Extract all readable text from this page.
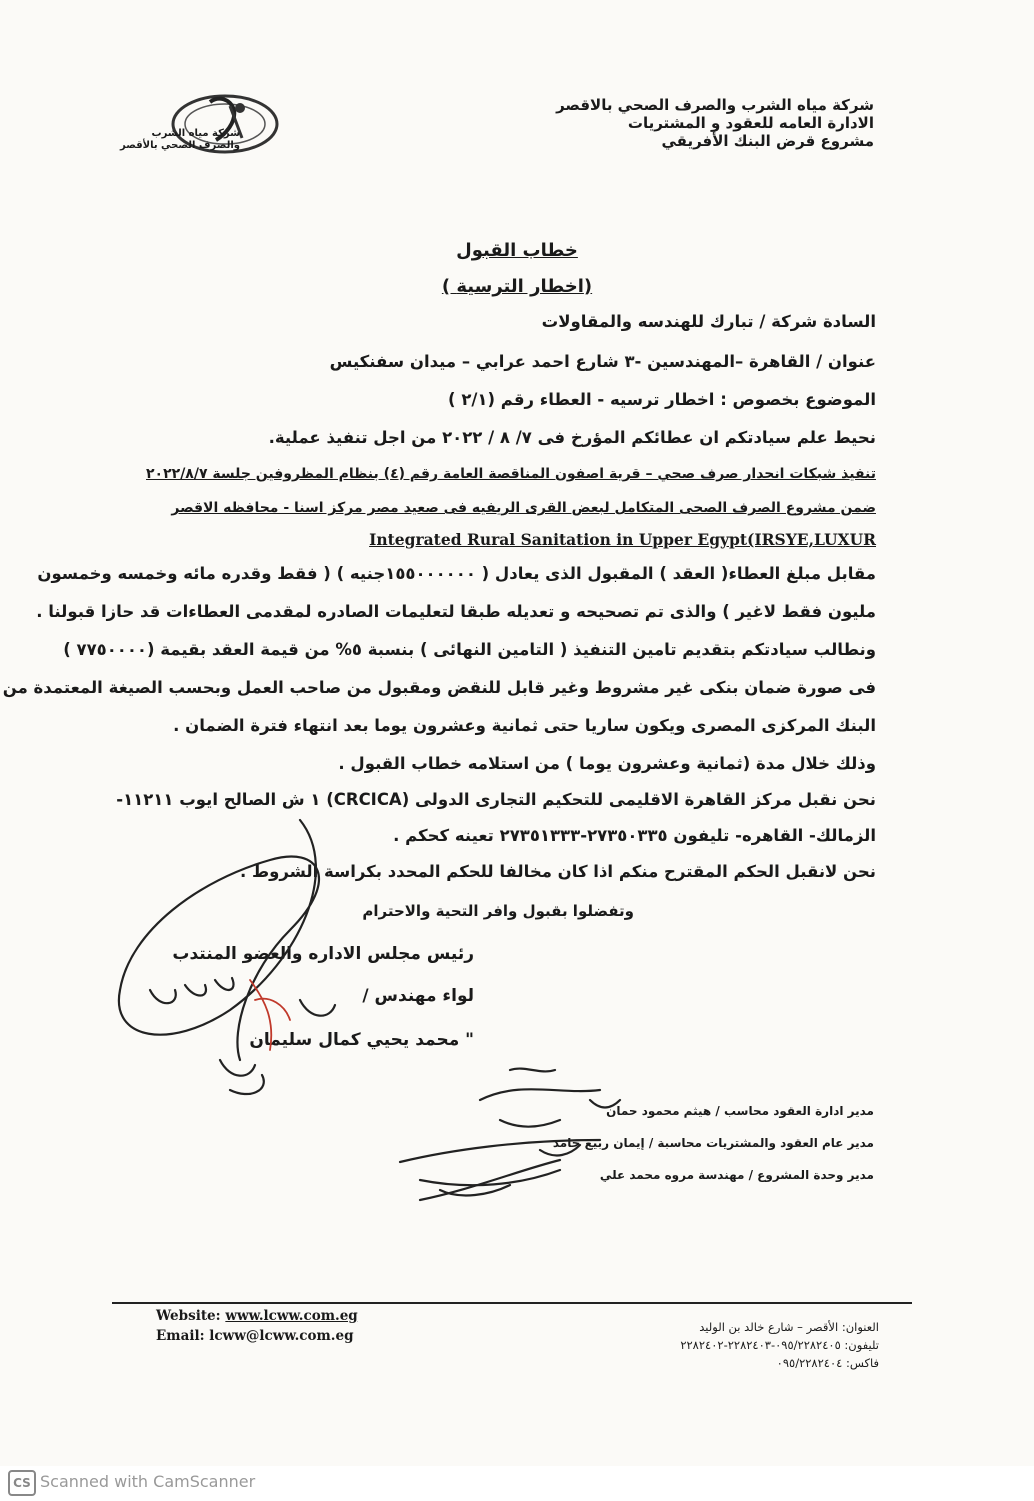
شركة مياه الشرب
والصرف الصحي بالأقصر
شركة مياه الشرب والصرف الصحي بالاقصر
الادارة العامه للعقود و المشتريات
مشروع قرض البنك الأفريقي
خطاب القبول
( اخطار الترسية)
السادة شركة / تبارك للهندسه والمقاولات
عنوان / القاهرة –المهندسين -٣ شارع احمد عرابي – ميدان سفنكيس
الموضوع بخصوص : اخطار ترسيه - العطاء رقم (٢/١ )
نحيط علم سيادتكم ان عطائكم المؤرخ فى ٧/ ٨ / ٢٠٢٢ من اجل تنفيذ عملية.
تنفيذ شبكات انحدار صرف صحي – قرية اصفون المناقصة العامة رقم (٤) بنظام المظروفين جلسة ٢٠٢٢/٨/٧
ضمن مشروع الصرف الصحى المتكامل لبعض القرى الريفيه فى صعيد مصر مركز اسنا - محافظه الاقصر
Integrated Rural Sanitation in Upper Egypt(IRSYE,LUXUR
مقابل مبلغ العطاء( العقد ) المقبول الذى يعادل ( ١٥٥٠٠٠٠٠٠جنيه ) ( فقط وقدره مائه وخمسه وخمسون
مليون فقط لاغير ) والذى تم تصحيحه و تعديله طبقا لتعليمات الصادره لمقدمى العطاءات قد حازا قبولنا .
ونطالب سيادتكم بتقديم تامين التنفيذ ( التامين النهائى ) بنسبة ٥% من قيمة العقد بقيمة (٧٧٥٠٠٠٠ )
فى صورة ضمان بنكى غير مشروط وغير قابل للنقض ومقبول من صاحب العمل وبحسب الصيغة المعتمدة من
البنك المركزى المصرى ويكون ساريا حتى ثمانية وعشرون يوما بعد انتهاء فترة الضمان .
وذلك خلال مدة (ثمانية وعشرون يوما ) من استلامه خطاب القبول .
نحن نقبل مركز القاهرة الاقليمى للتحكيم التجارى الدولى (CRCICA) ١ ش الصالح ايوب ١١٢١١-
الزمالك- القاهره- تليفون ٢٧٣٥٠٣٣٥-٢٧٣٥١٣٣٣ تعينه كحكم .
نحن لانقبل الحكم المقترح منكم اذا كان مخالفا للحكم المحدد بكراسة الشروط .
وتفضلوا بقبول وافر التحية والاحترام
رئيس مجلس الاداره والعضو المنتدب
لواء مهندس /
" محمد يحيي كمال سليمان
مدير ادارة العقود محاسب / هيثم محمود حمان
مدير عام العقود والمشتريات محاسبة / إيمان ربيع حامد
مدير وحدة المشروع / مهندسة مروه محمد علي
Website: www.lcww.com.eg
Email: lcww@lcww.com.eg
العنوان: الأقصر – شارع خالد بن الوليد
تليفون: ٠٩٥/٢٢٨٢٤٠٥-٢٢٨٢٤٠٣-٢٢٨٢٤٠٢
فاكس: ٠٩٥/٢٢٨٢٤٠٤
CS Scanned with CamScanner
